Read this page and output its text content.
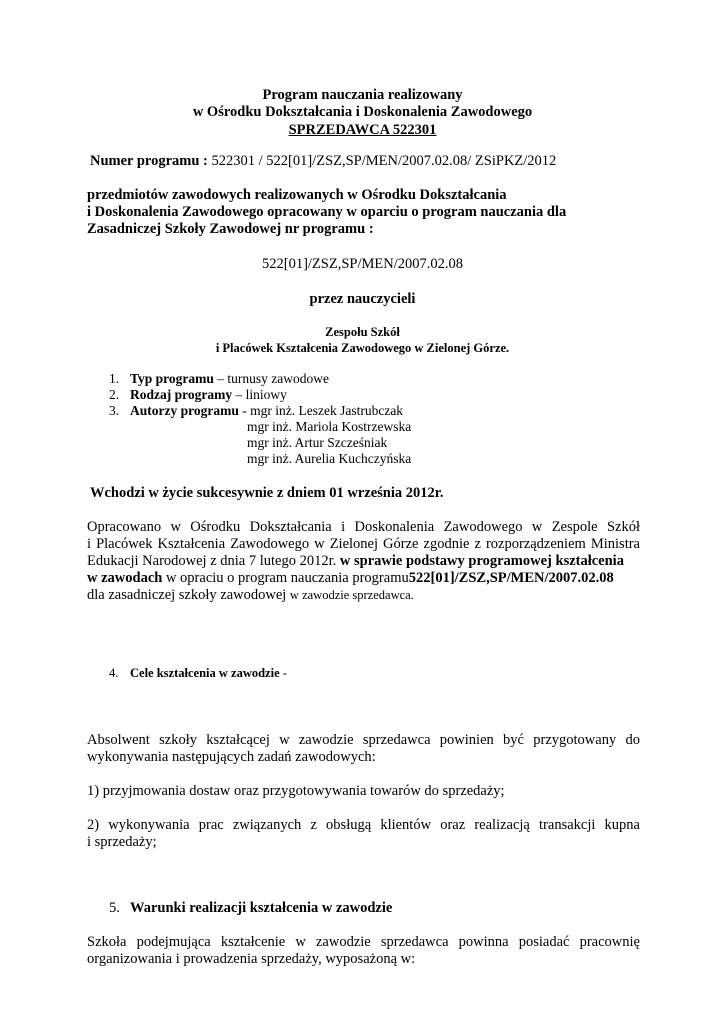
Program nauczania realizowany
w Ośrodku Dokształcania i Doskonalenia Zawodowego
SPRZEDAWCA 522301
Numer programu : 522301 / 522[01]/ZSZ,SP/MEN/2007.02.08/ ZSiPKZ/2012
przedmiotów zawodowych realizowanych w Ośrodku Dokształcania
i Doskonalenia Zawodowego opracowany w oparciu o program nauczania dla
Zasadniczej Szkoły Zawodowej nr programu :
522[01]/ZSZ,SP/MEN/2007.02.08
przez nauczycieli
Zespołu Szkół
i Placówek Kształcenia Zawodowego w Zielonej Górze.
1. Typ programu – turnusy zawodowe
2. Rodzaj programy – liniowy
3. Autorzy programu - mgr inż. Leszek Jastrubczak
mgr inż. Mariola Kostrzewska
mgr inż. Artur Szcześniak
mgr inż. Aurelia Kuchczyńska
Wchodzi w życie sukcesywnie z dniem 01 września 2012r.
Opracowano w Ośrodku Dokształcania i Doskonalenia Zawodowego w Zespole Szkół
i Placówek Kształcenia Zawodowego w Zielonej Górze zgodnie z rozporządzeniem Ministra
Edukacji Narodowej z dnia 7 lutego 2012r. w sprawie podstawy programowej kształcenia
w zawodach w opraciu o program nauczania programu522[01]/ZSZ,SP/MEN/2007.02.08
dla zasadniczej szkoły zawodowej w zawodzie sprzedawca.
4. Cele kształcenia w zawodzie -
Absolwent szkoły kształcącej w zawodzie sprzedawca powinien być przygotowany do
wykonywania następujących zadań zawodowych:
1) przyjmowania dostaw oraz przygotowywania towarów do sprzedaży;
2) wykonywania prac związanych z obsługą klientów oraz realizacją transakcji kupna
i sprzedaży;
5. Warunki realizacji kształcenia w zawodzie
Szkoła podejmująca kształcenie w zawodzie sprzedawca powinna posiadać pracownię
organizowania i prowadzenia sprzedaży, wyposażoną w:
